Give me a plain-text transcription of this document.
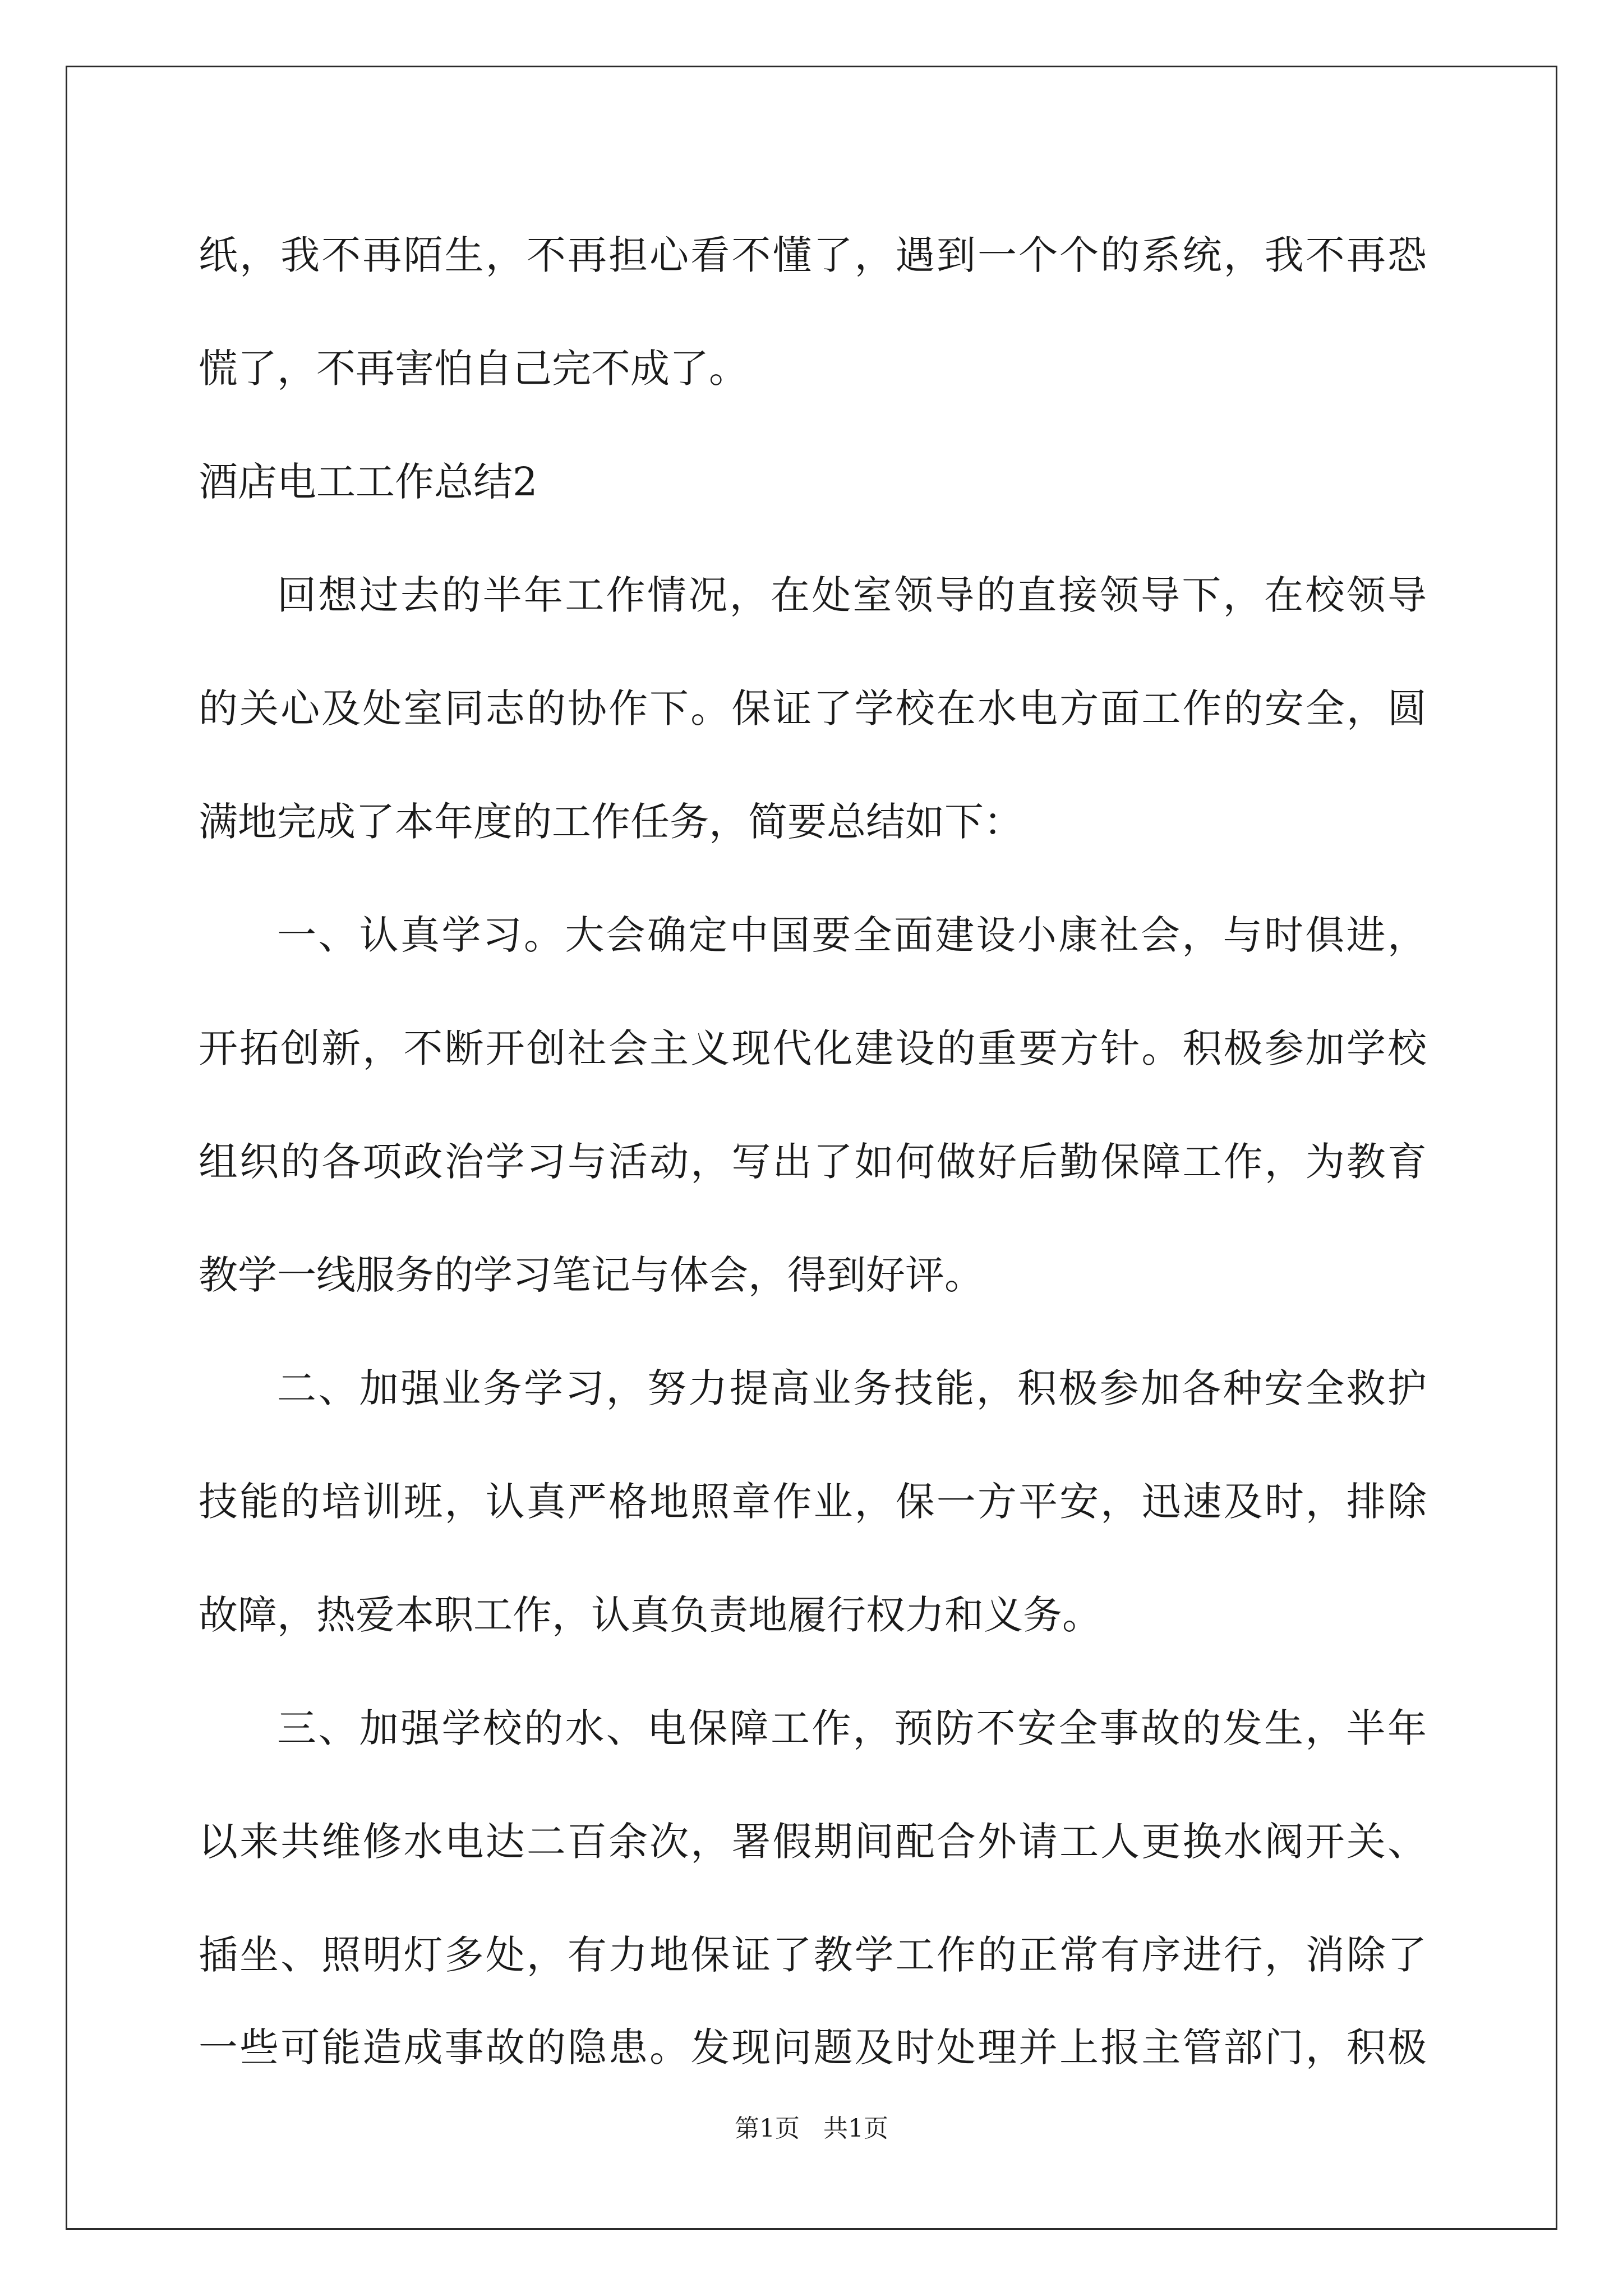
纸，我不再陌生，不再担心看不懂了，遇到一个个的系统，我不再恐
慌了，不再害怕自己完不成了。
酒店电工工作总结2
回想过去的半年工作情况，在处室领导的直接领导下，在校领导
的关心及处室同志的协作下。保证了学校在水电方面工作的安全，圆
满地完成了本年度的工作任务，简要总结如下：
一、认真学习。大会确定中国要全面建设小康社会，与时俱进，
开拓创新，不断开创社会主义现代化建设的重要方针。积极参加学校
组织的各项政治学习与活动，写出了如何做好后勤保障工作，为教育
教学一线服务的学习笔记与体会，得到好评。
二、加强业务学习，努力提高业务技能，积极参加各种安全救护
技能的培训班，认真严格地照章作业，保一方平安，迅速及时，排除
故障，热爱本职工作，认真负责地履行权力和义务。
三、加强学校的水、电保障工作，预防不安全事故的发生，半年
以来共维修水电达二百余次，署假期间配合外请工人更换水阀开关、
插坐、照明灯多处，有力地保证了教学工作的正常有序进行，消除了
一些可能造成事故的隐患。发现问题及时处理并上报主管部门，积极
第1页   共1页
